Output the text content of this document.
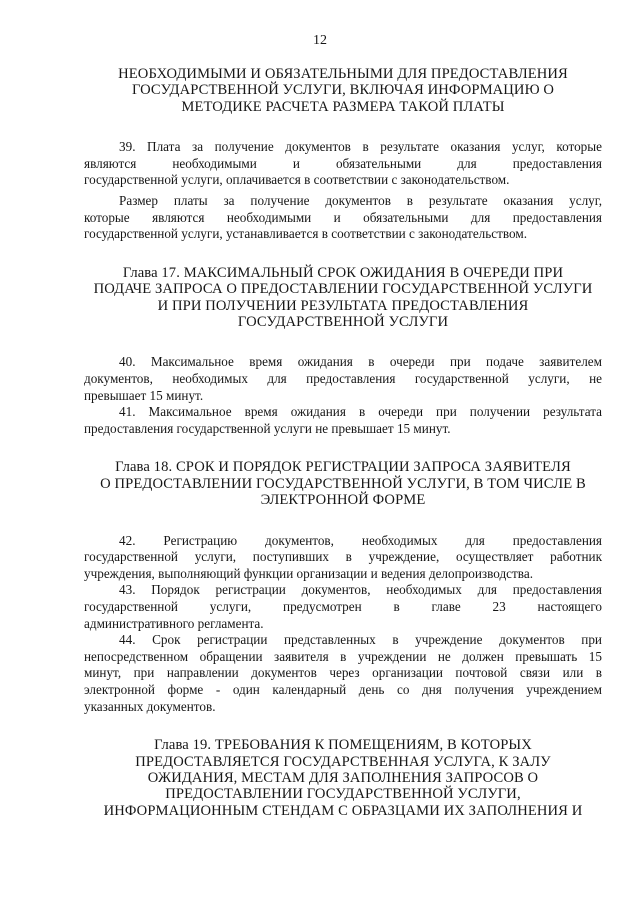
12
НЕОБХОДИМЫМИ И ОБЯЗАТЕЛЬНЫМИ ДЛЯ ПРЕДОСТАВЛЕНИЯ
ГОСУДАРСТВЕННОЙ УСЛУГИ, ВКЛЮЧАЯ ИНФОРМАЦИЮ О
МЕТОДИКЕ РАСЧЕТА РАЗМЕРА ТАКОЙ ПЛАТЫ
39. Плата за получение документов в результате оказания услуг, которые
являются необходимыми и обязательными для предоставления
государственной услуги, оплачивается в соответствии с законодательством.
Размер платы за получение документов в результате оказания услуг,
которые являются необходимыми и обязательными для предоставления
государственной услуги, устанавливается в соответствии с законодательством.
Глава 17. МАКСИМАЛЬНЫЙ СРОК ОЖИДАНИЯ В ОЧЕРЕДИ ПРИ
ПОДАЧЕ ЗАПРОСА О ПРЕДОСТАВЛЕНИИ ГОСУДАРСТВЕННОЙ УСЛУГИ
И ПРИ ПОЛУЧЕНИИ РЕЗУЛЬТАТА ПРЕДОСТАВЛЕНИЯ
ГОСУДАРСТВЕННОЙ УСЛУГИ
40. Максимальное время ожидания в очереди при подаче заявителем
документов, необходимых для предоставления государственной услуги, не
превышает 15 минут.
41. Максимальное время ожидания в очереди при получении результата
предоставления государственной услуги не превышает 15 минут.
Глава 18. СРОК И ПОРЯДОК РЕГИСТРАЦИИ ЗАПРОСА ЗАЯВИТЕЛЯ
О ПРЕДОСТАВЛЕНИИ ГОСУДАРСТВЕННОЙ УСЛУГИ, В ТОМ ЧИСЛЕ В
ЭЛЕКТРОННОЙ ФОРМЕ
42. Регистрацию документов, необходимых для предоставления
государственной услуги, поступивших в учреждение, осуществляет работник
учреждения, выполняющий функции организации и ведения делопроизводства.
43. Порядок регистрации документов, необходимых для предоставления
государственной услуги, предусмотрен в главе 23 настоящего
административного регламента.
44. Срок регистрации представленных в учреждение документов при
непосредственном обращении заявителя в учреждении не должен превышать 15
минут, при направлении документов через организации почтовой связи или в
электронной форме - один календарный день со дня получения учреждением
указанных документов.
Глава 19. ТРЕБОВАНИЯ К ПОМЕЩЕНИЯМ, В КОТОРЫХ
ПРЕДОСТАВЛЯЕТСЯ ГОСУДАРСТВЕННАЯ УСЛУГА, К ЗАЛУ
ОЖИДАНИЯ, МЕСТАМ ДЛЯ ЗАПОЛНЕНИЯ ЗАПРОСОВ О
ПРЕДОСТАВЛЕНИИ ГОСУДАРСТВЕННОЙ УСЛУГИ,
ИНФОРМАЦИОННЫМ СТЕНДАМ С ОБРАЗЦАМИ ИХ ЗАПОЛНЕНИЯ И
